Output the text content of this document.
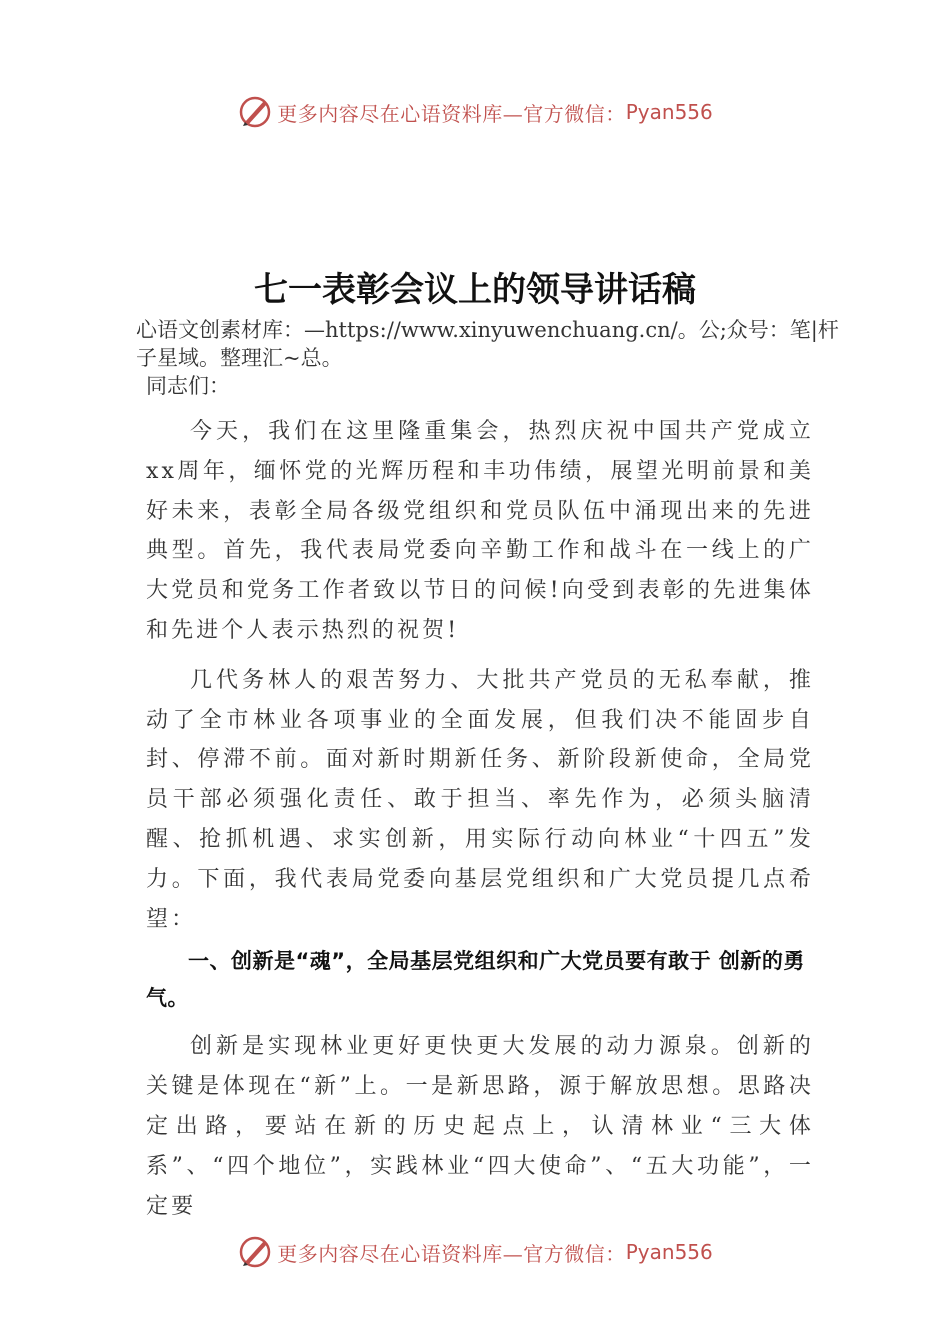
更多内容尽在心语资料库—官方微信： Pyan556
七一表彰会议上的领导讲话稿
心语文创素材库：—https://www.xinyuwenchuang.cn/。公;众号：笔|杆子星域。整理汇~总。

同志们：

今天，我们在这里隆重集会，热烈庆祝中国共产党成立xx周年，缅怀党的光辉历程和丰功伟绩，展望光明前景和美好未来，表彰全局各级党组织和党员队伍中涌现出来的先进典型。首先，我代表局党委向辛勤工作和战斗在一线上的广大党员和党务工作者致以节日的问候!向受到表彰的先进集体和先进个人表示热烈的祝贺!

几代务林人的艰苦努力、大批共产党员的无私奉献，推动了全市林业各项事业的全面发展，但我们决不能固步自封、停滞不前。面对新时期新任务、新阶段新使命，全局党员干部必须强化责任、敢于担当、率先作为，必须头脑清醒、抢抓机遇、求实创新，用实际行动向林业“十四五”发力。下面，我代表局党委向基层党组织和广大党员提几点希望：

一、创新是“魂”，全局基层党组织和广大党员要有敢于 创新的勇气。

创新是实现林业更好更快更大发展的动力源泉。创新的关键是体现在“新”上。一是新思路，源于解放思想。思路决定出路，要站在新的历史起点上，认清林业“三大体系”、“四个地位”，实践林业“四大使命”、“五大功能”，一定要

更多内容尽在心语资料库—官方微信： Pyan556
